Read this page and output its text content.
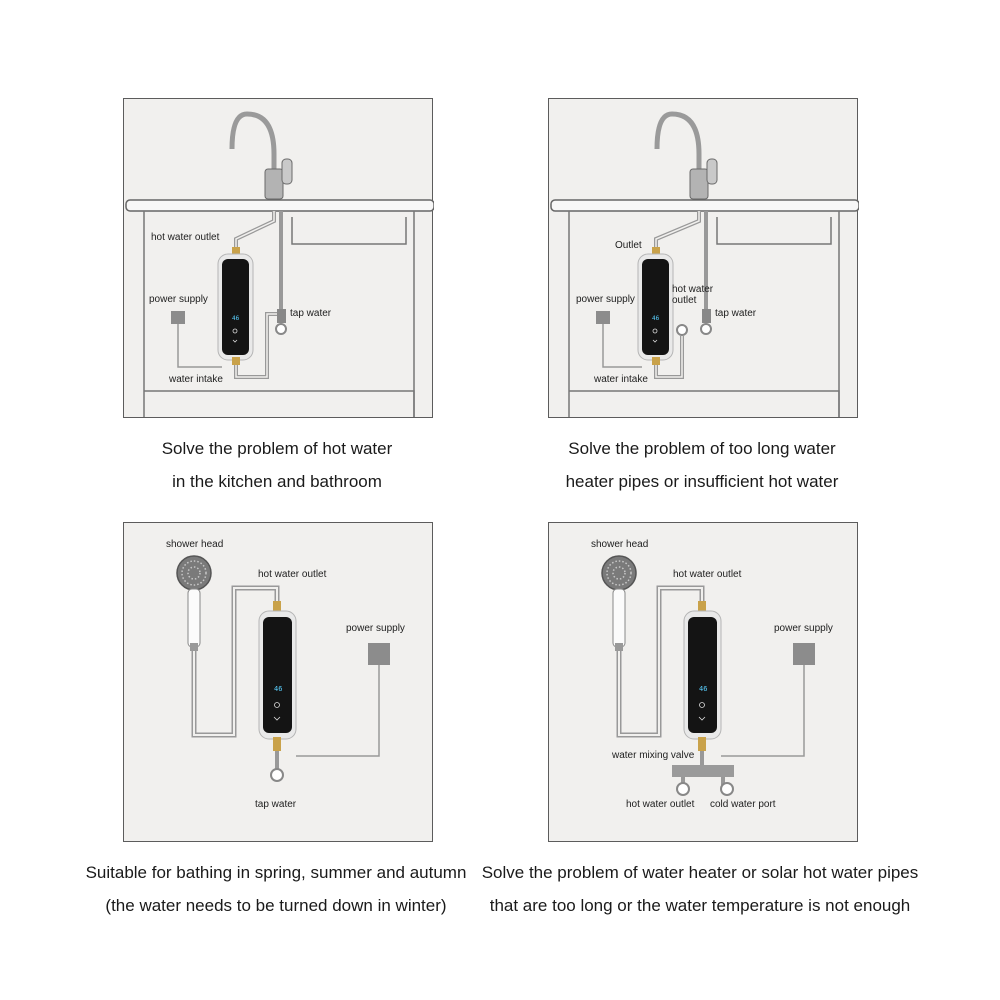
46
hot water outlet
power supply
tap water
water intake
Solve the problem of hot water
in the kitchen and bathroom
46
Outlet
power supply
hot water
outlet
tap water
water intake
Solve the problem of too long water
heater pipes or insufficient hot water
46
shower head
hot water outlet
power supply
tap water
Suitable for bathing in spring, summer and autumn
(the water needs to be turned down in winter)
46
shower head
hot water outlet
power supply
water mixing valve
hot water outlet cold water port
Solve the problem of water heater or solar hot water pipes
that are too long or the water temperature is not enough
